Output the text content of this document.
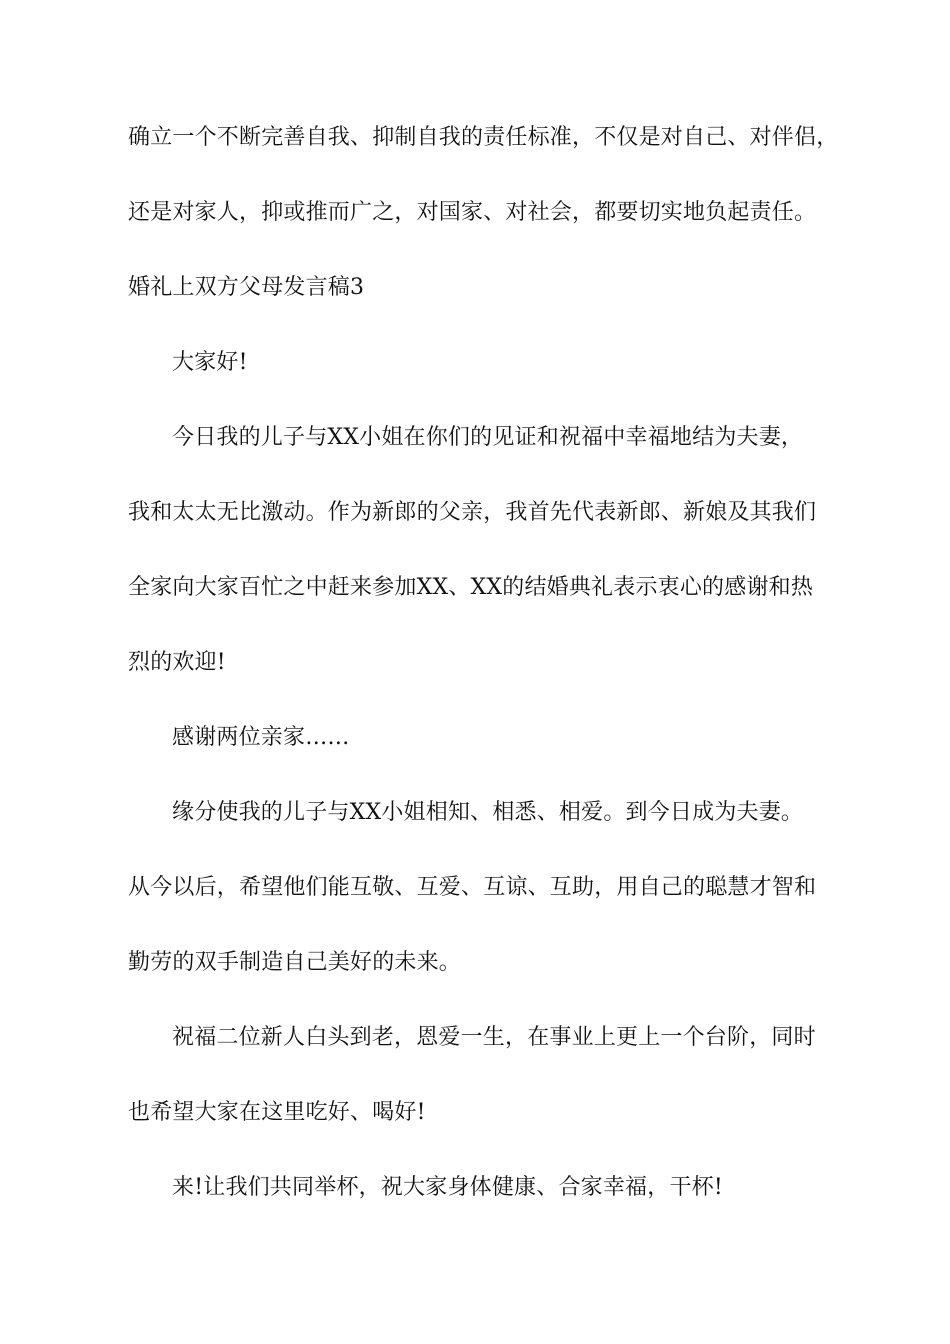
确立一个不断完善自我、抑制自我的责任标准，不仅是对自己、对伴侣，
还是对家人，抑或推而广之，对国家、对社会，都要切实地负起责任。
婚礼上双方父母发言稿3
大家好!
今日我的儿子与XX小姐在你们的见证和祝福中幸福地结为夫妻，
我和太太无比激动。作为新郎的父亲，我首先代表新郎、新娘及其我们
全家向大家百忙之中赶来参加XX、XX的结婚典礼表示衷心的感谢和热
烈的欢迎!
感谢两位亲家……
缘分使我的儿子与XX小姐相知、相悉、相爱。到今日成为夫妻。
从今以后，希望他们能互敬、互爱、互谅、互助，用自己的聪慧才智和
勤劳的双手制造自己美好的未来。
祝福二位新人白头到老，恩爱一生，在事业上更上一个台阶，同时
也希望大家在这里吃好、喝好!
来!让我们共同举杯，祝大家身体健康、合家幸福，干杯!
